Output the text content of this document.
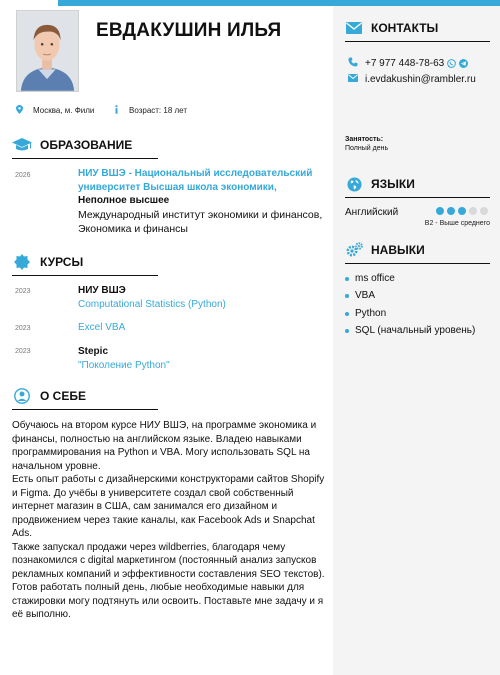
ЕВДАКУШИН ИЛЬЯ
Москва, м. Фили	Возраст: 18 лет
ОБРАЗОВАНИЕ
2026	НИУ ВШЭ - Национальный исследовательский университет Высшая школа экономики,
Неполное высшее
Международный институт экономики и финансов, Экономика и финансы
КУРСЫ
2023	НИУ ВШЭ
Computational Statistics (Python)
2023	Excel VBA
2023	Stepic
"Поколение Python"
О СЕБЕ
Обучаюсь на втором курсе НИУ ВШЭ, на программе экономика и финансы, полностью на английском языке. Владею навыками программирования на Python и VBA. Могу использовать SQL на начальном уровне.
Есть опыт работы с дизайнерскими конструкторами сайтов Shopify и Figma. До учёбы в университете создал свой собственный интернет магазин в США, сам занимался его дизайном и продвижением через такие каналы, как Facebook Ads и Snapchat Ads.
Также запускал продажи через wildberries, благодаря чему познакомился с digital маркетингом (постоянный анализ запусков рекламных компаний и эффективности составления SEO текстов).
Готов работать полный день, любые необходимые навыки для стажировки могу подтянуть или освоить. Поставьте мне задачу и я её выполню.
КОНТАКТЫ
+7 977 448-78-63
i.evdakushin@rambler.ru
Занятость:
Полный день
ЯЗЫКИ
Английский
B2 - Выше среднего
НАВЫКИ
ms office
VBA
Python
SQL (начальный уровень)
